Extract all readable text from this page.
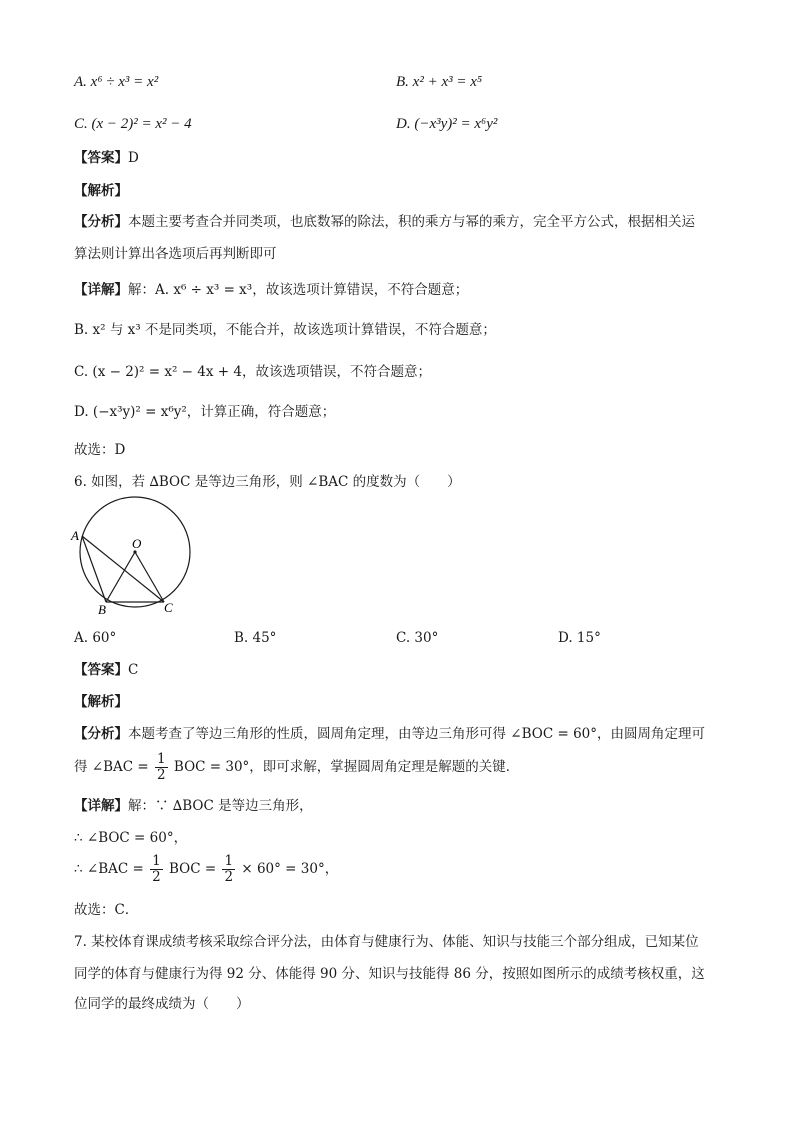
A. x⁶ ÷ x³ = x²	B. x² + x³ = x⁵
C. (x − 2)² = x² − 4	D. (−x³y)² = x⁶y²
【答案】D
【解析】
【分析】本题主要考查合并同类项，也底数幂的除法，积的乘方与幂的乘方，完全平方公式，根据相关运
算法则计算出各选项后再判断即可
【详解】解：A. x⁶ ÷ x³ = x³，故该选项计算错误，不符合题意；
B. x² 与 x³ 不是同类项，不能合并，故该选项计算错误，不符合题意；
C. (x − 2)² = x² − 4x + 4，故该选项错误，不符合题意；
D. (−x³y)² = x⁶y²，计算正确，符合题意；
故选：D
6. 如图，若 ∆BOC 是等边三角形，则 ∠BAC 的度数为（　　）
A
O
B	C
A. 60°	B. 45°	C. 30°	D. 15°
【答案】C
【解析】
【分析】本题考查了等边三角形的性质，圆周角定理，由等边三角形可得 ∠BOC = 60°，由圆周角定理可
得 ∠BAC = $\frac{1}{2}$ BOC = 30°，即可求解，掌握圆周角定理是解题的关键．
【详解】解：∵ ∆BOC 是等边三角形，
∴ ∠BOC = 60°，
∴ ∠BAC = $\frac{1}{2}$ BOC = $\frac{1}{2} \times 60^\circ = 30^\circ$，
故选：C．
7. 某校体育课成绩考核采取综合评分法，由体育与健康行为、体能、知识与技能三个部分组成，已知某位
同学的体育与健康行为得 92 分、体能得 90 分、知识与技能得 86 分，按照如图所示的成绩考核权重，这
位同学的最终成绩为（　　）
